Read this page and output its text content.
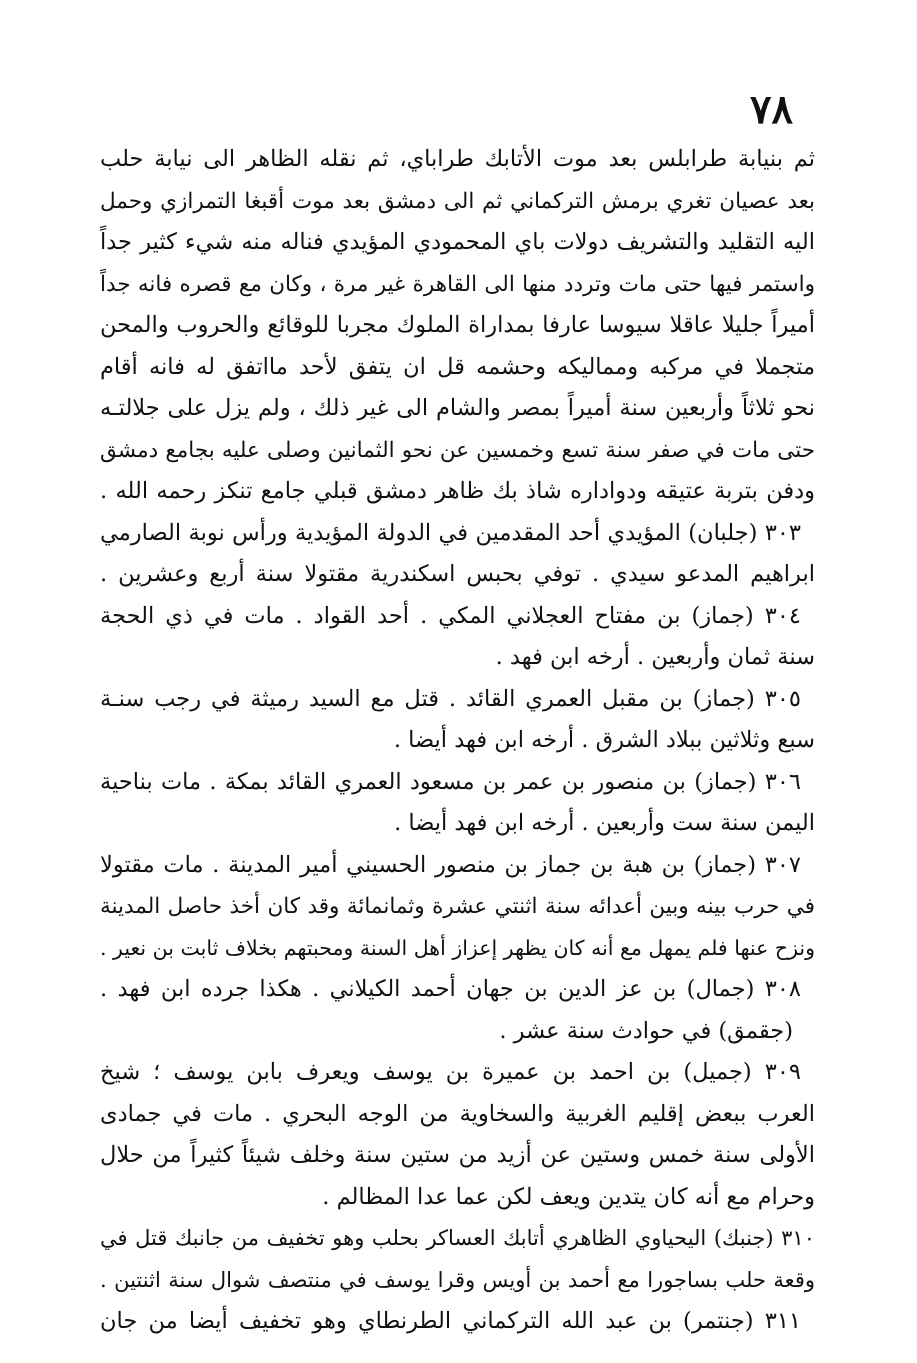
٧٨
ثم بنيابة طرابلس بعد موت الأتابك طراباي، ثم نقله الظاهر الى نيابة حلب
بعد عصيان تغري برمش التركماني ثم الى دمشق بعد موت أقبغا التمرازي وحمل
اليه التقليد والتشريف دولات باي المحمودي المؤيدي فناله منه شيء كثير جداً
واستمر فيها حتى مات وتردد منها الى القاهرة غير مرة ، وكان مع قصره فانه جداً
أميراً جليلا عاقلا سيوسا عارفا بمداراة الملوك مجربا للوقائع والحروب والمحن
متجملا في مركبه ومماليكه وحشمه قل ان يتفق لأحد مااتفق له فانه أقام
نحو ثلاثاً وأربعين سنة أميراً بمصر والشام الى غير ذلك ، ولم يزل على جلالتـه
حتى مات في صفر سنة تسع وخمسين عن نحو الثمانين وصلى عليه بجامع دمشق
ودفن بتربة عتيقه ودواداره شاذ بك ظاهر دمشق قبلي جامع تنكز رحمه الله .
٣٠٣ (جلبان) المؤيدي أحد المقدمين في الدولة المؤيدية ورأس نوبة الصارمي
ابراهيم المدعو سيدي . توفي بحبس اسكندرية مقتولا سنة أربع وعشرين .
٣٠٤ (جماز) بن مفتاح العجلاني المكي . أحد القواد . مات في ذي الحجة
سنة ثمان وأربعين . أرخه ابن فهد .
٣٠٥ (جماز) بن مقبل العمري القائد . قتل مع السيد رميثة في رجب سنـة
سبع وثلاثين ببلاد الشرق . أرخه ابن فهد أيضا .
٣٠٦ (جماز) بن منصور بن عمر بن مسعود العمري القائد بمكة . مات بناحية
اليمن سنة ست وأربعين . أرخه ابن فهد أيضا .
٣٠٧ (جماز) بن هبة بن جماز بن منصور الحسيني أمير المدينة . مات مقتولا
في حرب بينه وبين أعدائه سنة اثنتي عشرة وثمانمائة وقد كان أخذ حاصل المدينة
ونزح عنها فلم يمهل مع أنه كان يظهر إعزاز أهل السنة ومحبتهم بخلاف ثابت بن نعير .
٣٠٨ (جمال) بن عز الدين بن جهان أحمد الكيلاني . هكذا جرده ابن فهد .
(جقمق) في حوادث سنة عشر .
٣٠٩ (جميل) بن احمد بن عميرة بن يوسف ويعرف بابن يوسف ؛ شيخ
العرب ببعض إقليم الغربية والسخاوية من الوجه البحري . مات في جمادى
الأولى سنة خمس وستين عن أزيد من ستين سنة وخلف شيئاً كثيراً من حلال
وحرام مع أنه كان يتدين ويعف لكن عما عدا المظالم .
٣١٠ (جنبك) اليحياوي الظاهري أتابك العساكر بحلب وهو تخفيف من جانبك قتل في
وقعة حلب بساجورا مع أحمد بن أويس وقرا يوسف في منتصف شوال سنة اثنتين .
٣١١ (جنتمر) بن عبد الله التركماني الطرنطاي وهو تخفيف أيضا من جان
